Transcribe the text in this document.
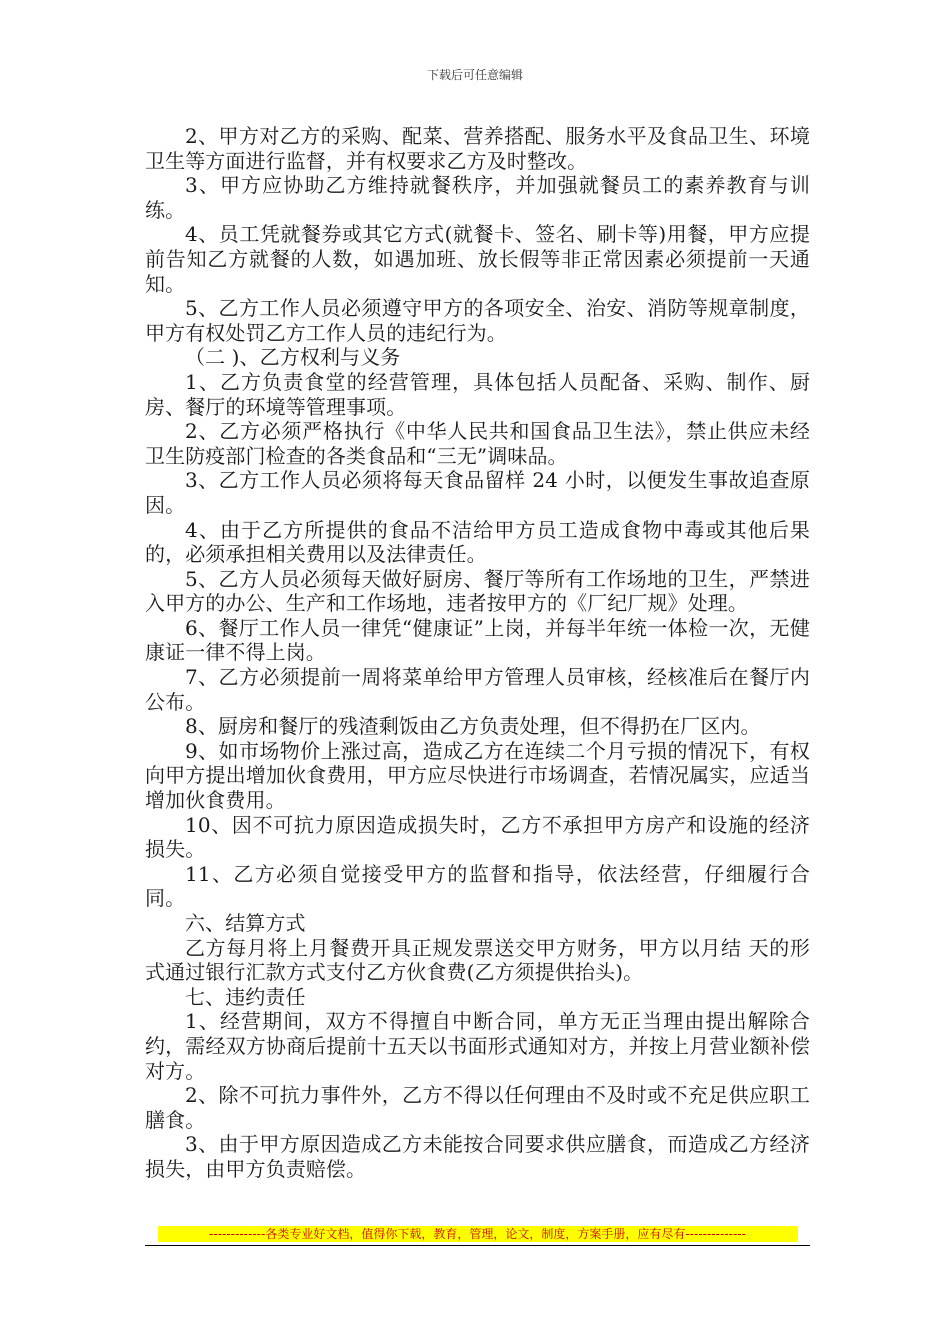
下载后可任意编辑

2、甲方对乙方的采购、配菜、营养搭配、服务水平及食品卫生、环境卫生等方面进行监督，并有权要求乙方及时整改。

3、甲方应协助乙方维持就餐秩序，并加强就餐员工的素养教育与训练。

4、员工凭就餐券或其它方式(就餐卡、签名、刷卡等)用餐，甲方应提前告知乙方就餐的人数，如遇加班、放长假等非正常因素必须提前一天通知。

5、乙方工作人员必须遵守甲方的各项安全、治安、消防等规章制度，甲方有权处罚乙方工作人员的违纪行为。

（二 )、乙方权利与义务

1、乙方负责食堂的经营管理，具体包括人员配备、采购、制作、厨房、餐厅的环境等管理事项。

2、乙方必须严格执行《中华人民共和国食品卫生法》，禁止供应未经卫生防疫部门检查的各类食品和“三无”调味品。

3、乙方工作人员必须将每天食品留样 24 小时，以便发生事故追查原因。

4、由于乙方所提供的食品不洁给甲方员工造成食物中毒或其他后果的，必须承担相关费用以及法律责任。

5、乙方人员必须每天做好厨房、餐厅等所有工作场地的卫生，严禁进入甲方的办公、生产和工作场地，违者按甲方的《厂纪厂规》处理。

6、餐厅工作人员一律凭“健康证”上岗，并每半年统一体检一次，无健康证一律不得上岗。

7、乙方必须提前一周将菜单给甲方管理人员审核，经核准后在餐厅内公布。

8、厨房和餐厅的残渣剩饭由乙方负责处理，但不得扔在厂区内。

9、如市场物价上涨过高，造成乙方在连续二个月亏损的情况下，有权向甲方提出增加伙食费用，甲方应尽快进行市场调查，若情况属实，应适当增加伙食费用。

10、因不可抗力原因造成损失时，乙方不承担甲方房产和设施的经济损失。

11、乙方必须自觉接受甲方的监督和指导，依法经营，仔细履行合同。

六、结算方式

乙方每月将上月餐费开具正规发票送交甲方财务，甲方以月结 天的形式通过银行汇款方式支付乙方伙食费(乙方须提供抬头)。

七、违约责任

1、经营期间，双方不得擅自中断合同，单方无正当理由提出解除合约，需经双方协商后提前十五天以书面形式通知对方，并按上月营业额补偿对方。

2、除不可抗力事件外，乙方不得以任何理由不及时或不充足供应职工膳食。

3、由于甲方原因造成乙方未能按合同要求供应膳食，而造成乙方经济损失，由甲方负责赔偿。

-------------各类专业好文档，值得你下载，教育，管理，论文，制度，方案手册，应有尽有--------------
